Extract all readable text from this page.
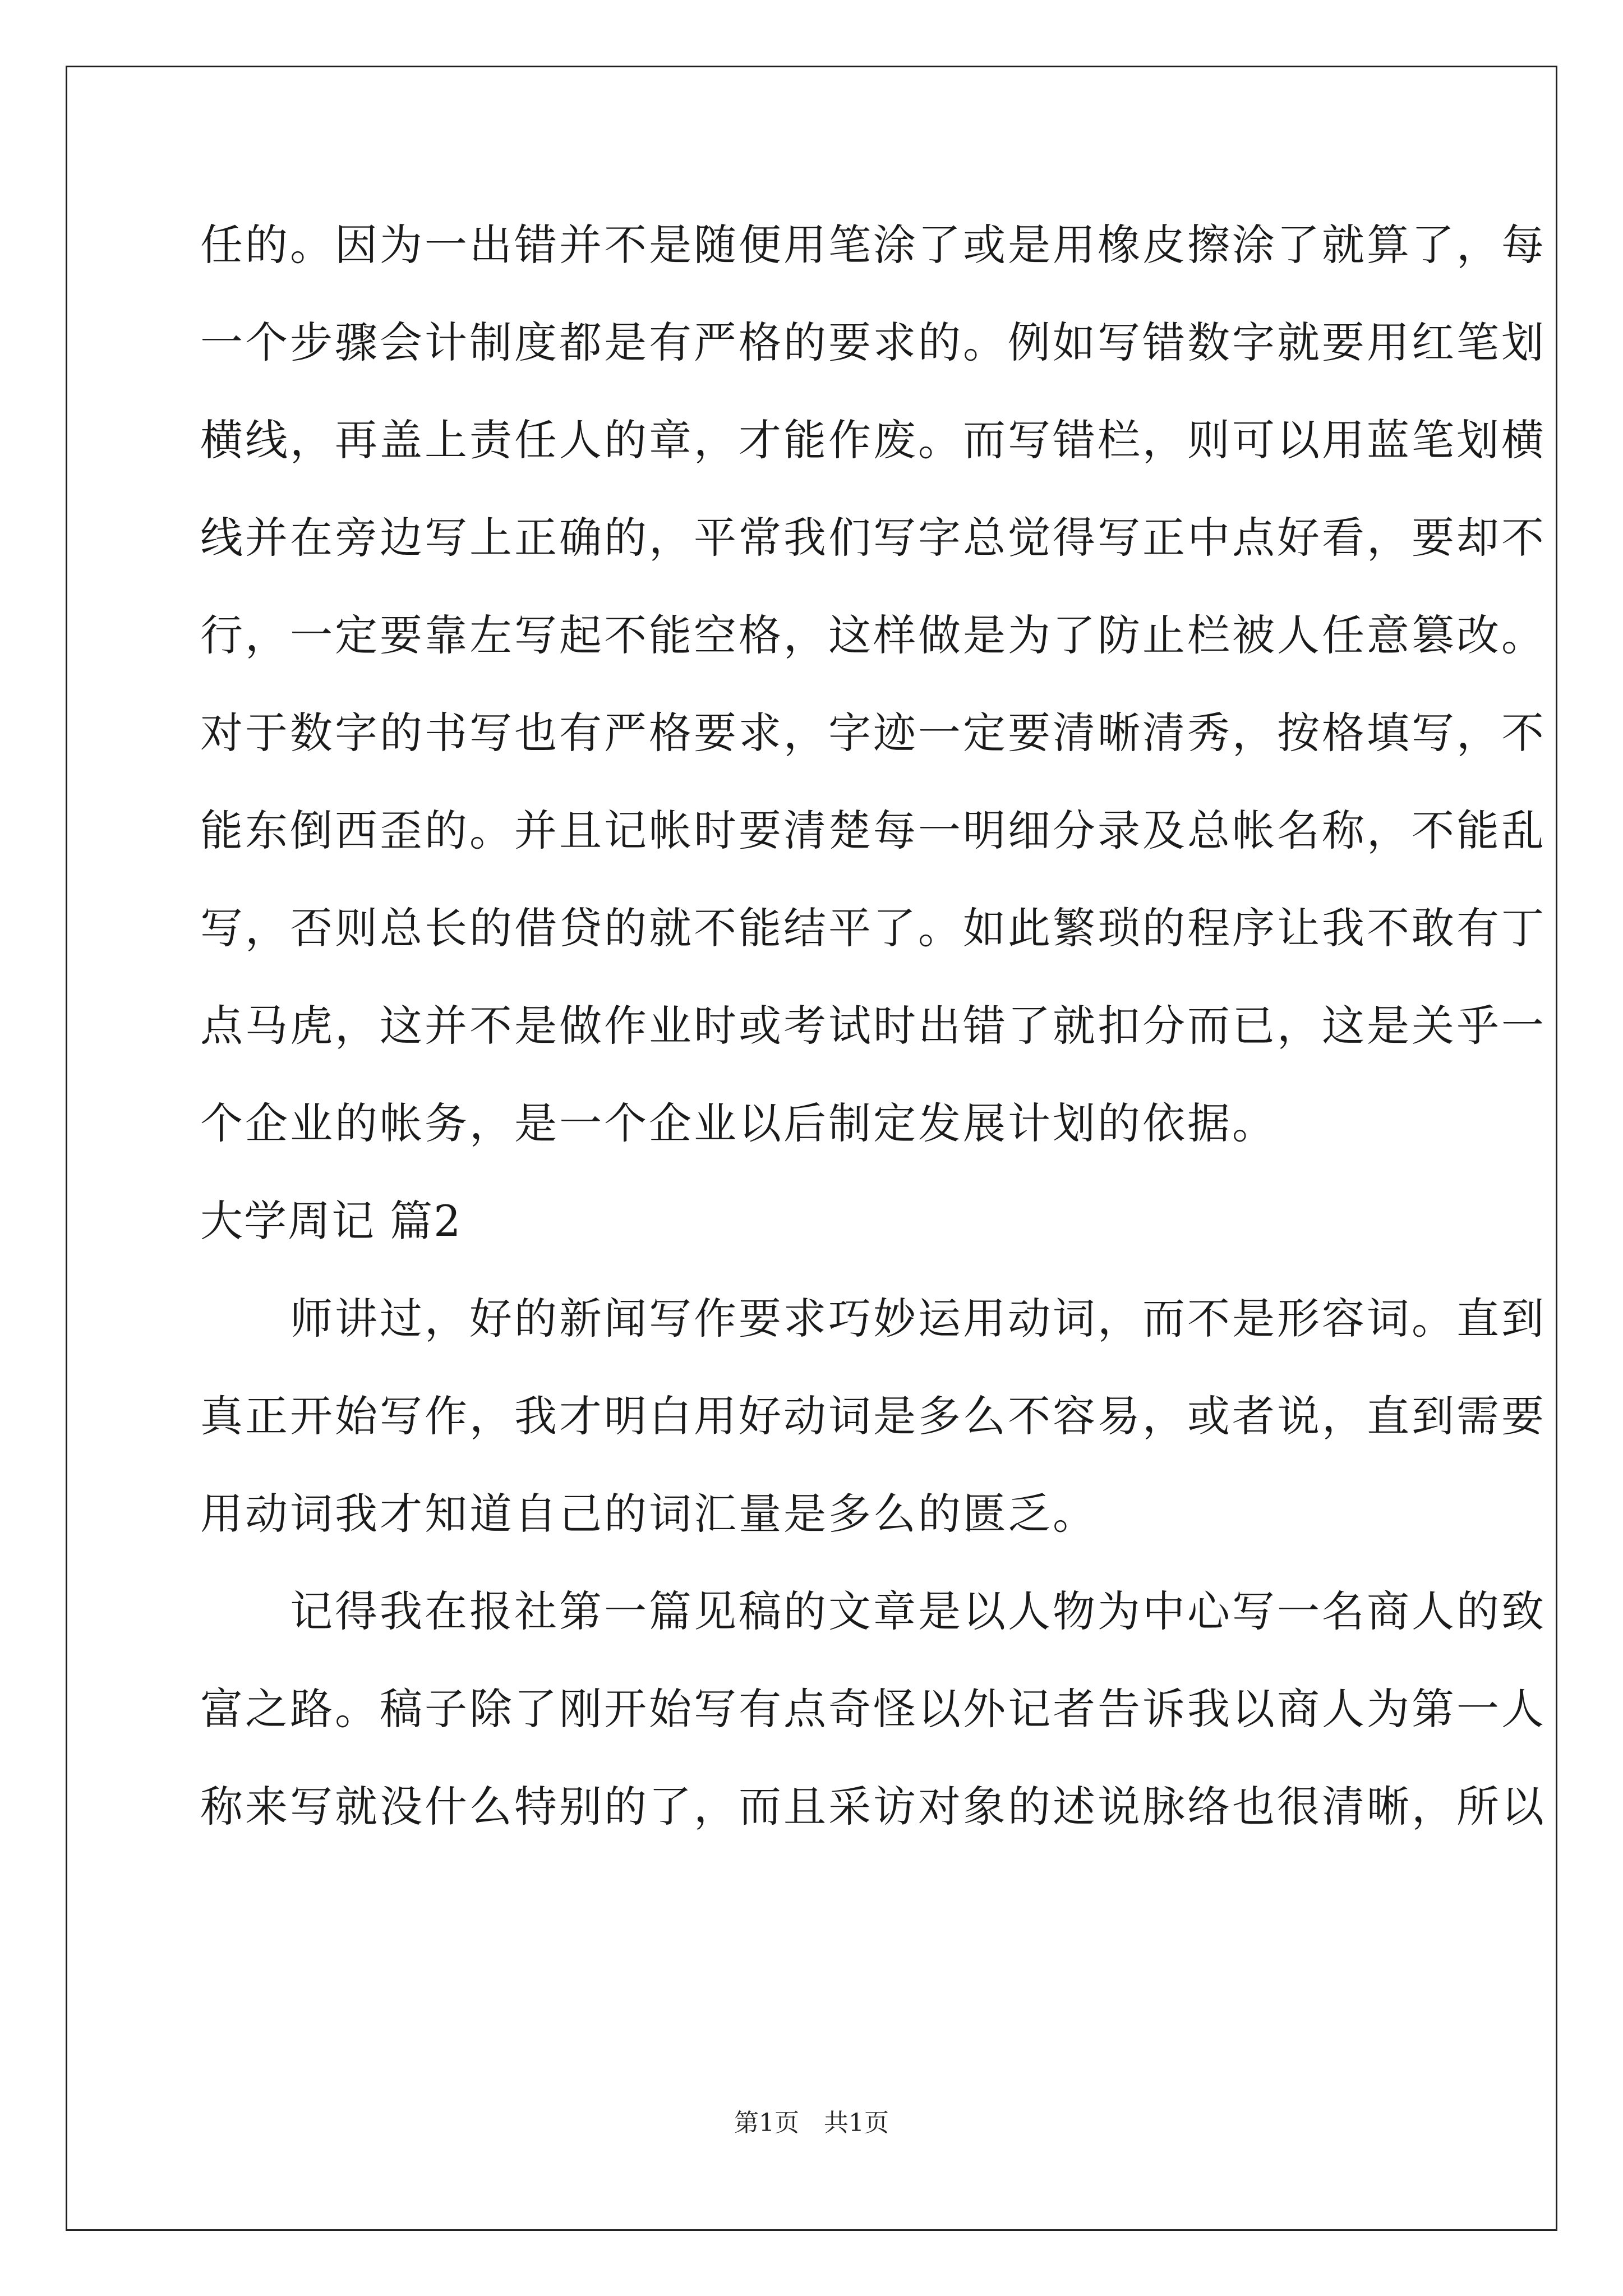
任的。因为一出错并不是随便用笔涂了或是用橡皮擦涂了就算了，每
一个步骤会计制度都是有严格的要求的。例如写错数字就要用红笔划
横线，再盖上责任人的章，才能作废。而写错栏，则可以用蓝笔划横
线并在旁边写上正确的，平常我们写字总觉得写正中点好看，要却不
行，一定要靠左写起不能空格，这样做是为了防止栏被人任意篡改。
对于数字的书写也有严格要求，字迹一定要清晰清秀，按格填写，不
能东倒西歪的。并且记帐时要清楚每一明细分录及总帐名称，不能乱
写，否则总长的借贷的就不能结平了。如此繁琐的程序让我不敢有丁
点马虎，这并不是做作业时或考试时出错了就扣分而已，这是关乎一
个企业的帐务，是一个企业以后制定发展计划的依据。
大学周记 篇2
师讲过，好的新闻写作要求巧妙运用动词，而不是形容词。直到
真正开始写作，我才明白用好动词是多么不容易，或者说，直到需要
用动词我才知道自己的词汇量是多么的匮乏。
记得我在报社第一篇见稿的文章是以人物为中心写一名商人的致
富之路。稿子除了刚开始写有点奇怪以外记者告诉我以商人为第一人
称来写就没什么特别的了，而且采访对象的述说脉络也很清晰，所以
第1页　共1页
